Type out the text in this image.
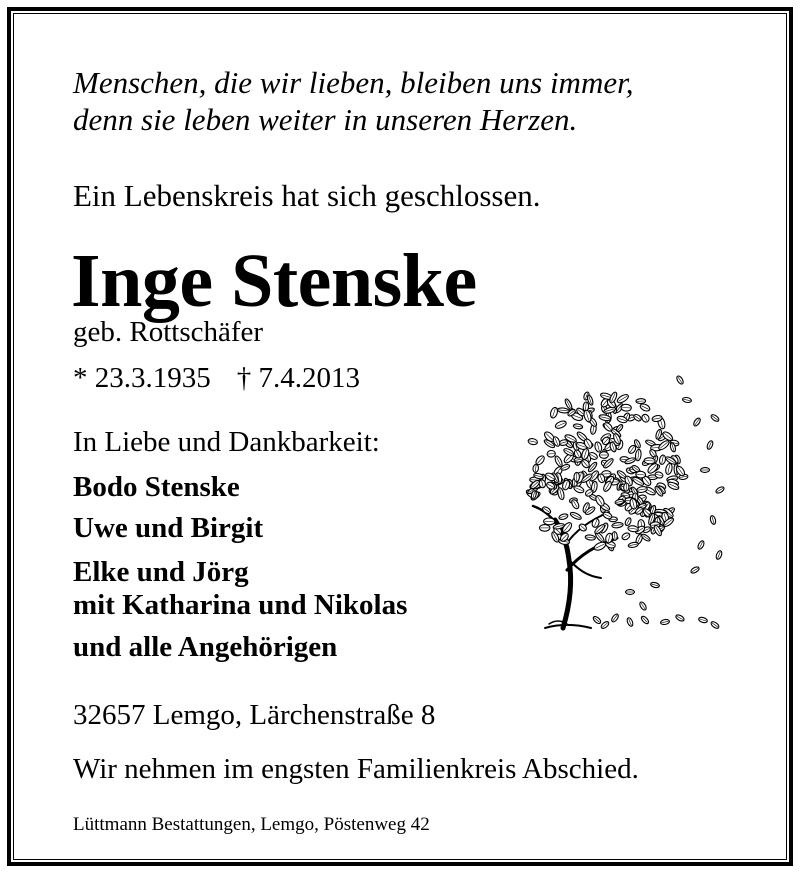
Menschen, die wir lieben, bleiben uns immer,
denn sie leben weiter in unseren Herzen.

Ein Lebenskreis hat sich geschlossen.

Inge Stenske

geb. Rottschäfer

* 23.3.1935 † 7.4.2013

In Liebe und Dankbarkeit:

Bodo Stenske

Uwe und Birgit

Elke und Jörg

mit Katharina und Nikolas

und alle Angehörigen

32657 Lemgo, Lärchenstraße 8

Wir nehmen im engsten Familienkreis Abschied.

Lüttmann Bestattungen, Lemgo, Pöstenweg 42
